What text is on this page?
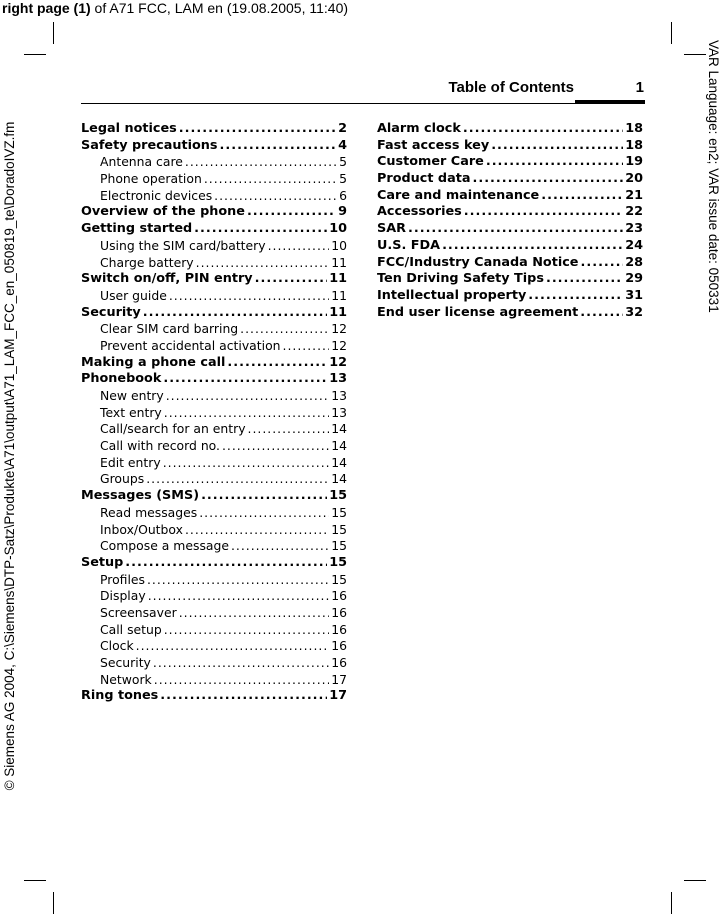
right page (1) of A71 FCC, LAM en (19.08.2005, 11:40)
© Siemens AG 2004, C:\Siemens\DTP-Satz\Produkte\A71\output\A71_LAM_FCC_en_050819_te\DoradoIVZ.fm	VAR Language: en2; VAR issue date: 050331
Table of Contents	1
Legal notices .....	2
Safety precautions .....	4
Antenna care .....	5
Phone operation .....	5
Electronic devices .....	6
Overview of the phone .....	9
Getting started .....	10
Using the SIM card/battery .....	10
Charge battery .....	11
Switch on/off, PIN entry .....	11
User guide .....	11
Security .....	11
Clear SIM card barring .....	12
Prevent accidental activation .....	12
Making a phone call .....	12
Phonebook .....	13
New entry .....	13
Text entry .....	13
Call/search for an entry .....	14
Call with record no. .....	14
Edit entry .....	14
Groups .....	14
Messages (SMS) .....	15
Read messages .....	15
Inbox/Outbox .....	15
Compose a message .....	15
Setup .....	15
Profiles .....	15
Display .....	16
Screensaver .....	16
Call setup .....	16
Clock .....	16
Security .....	16
Network .....	17
Ring tones .....	17
Alarm clock .....	18
Fast access key .....	18
Customer Care .....	19
Product data .....	20
Care and maintenance .....	21
Accessories .....	22
SAR .....	23
U.S. FDA .....	24
FCC/Industry Canada Notice .....	28
Ten Driving Safety Tips .....	29
Intellectual property .....	31
End user license agreement .....	32
